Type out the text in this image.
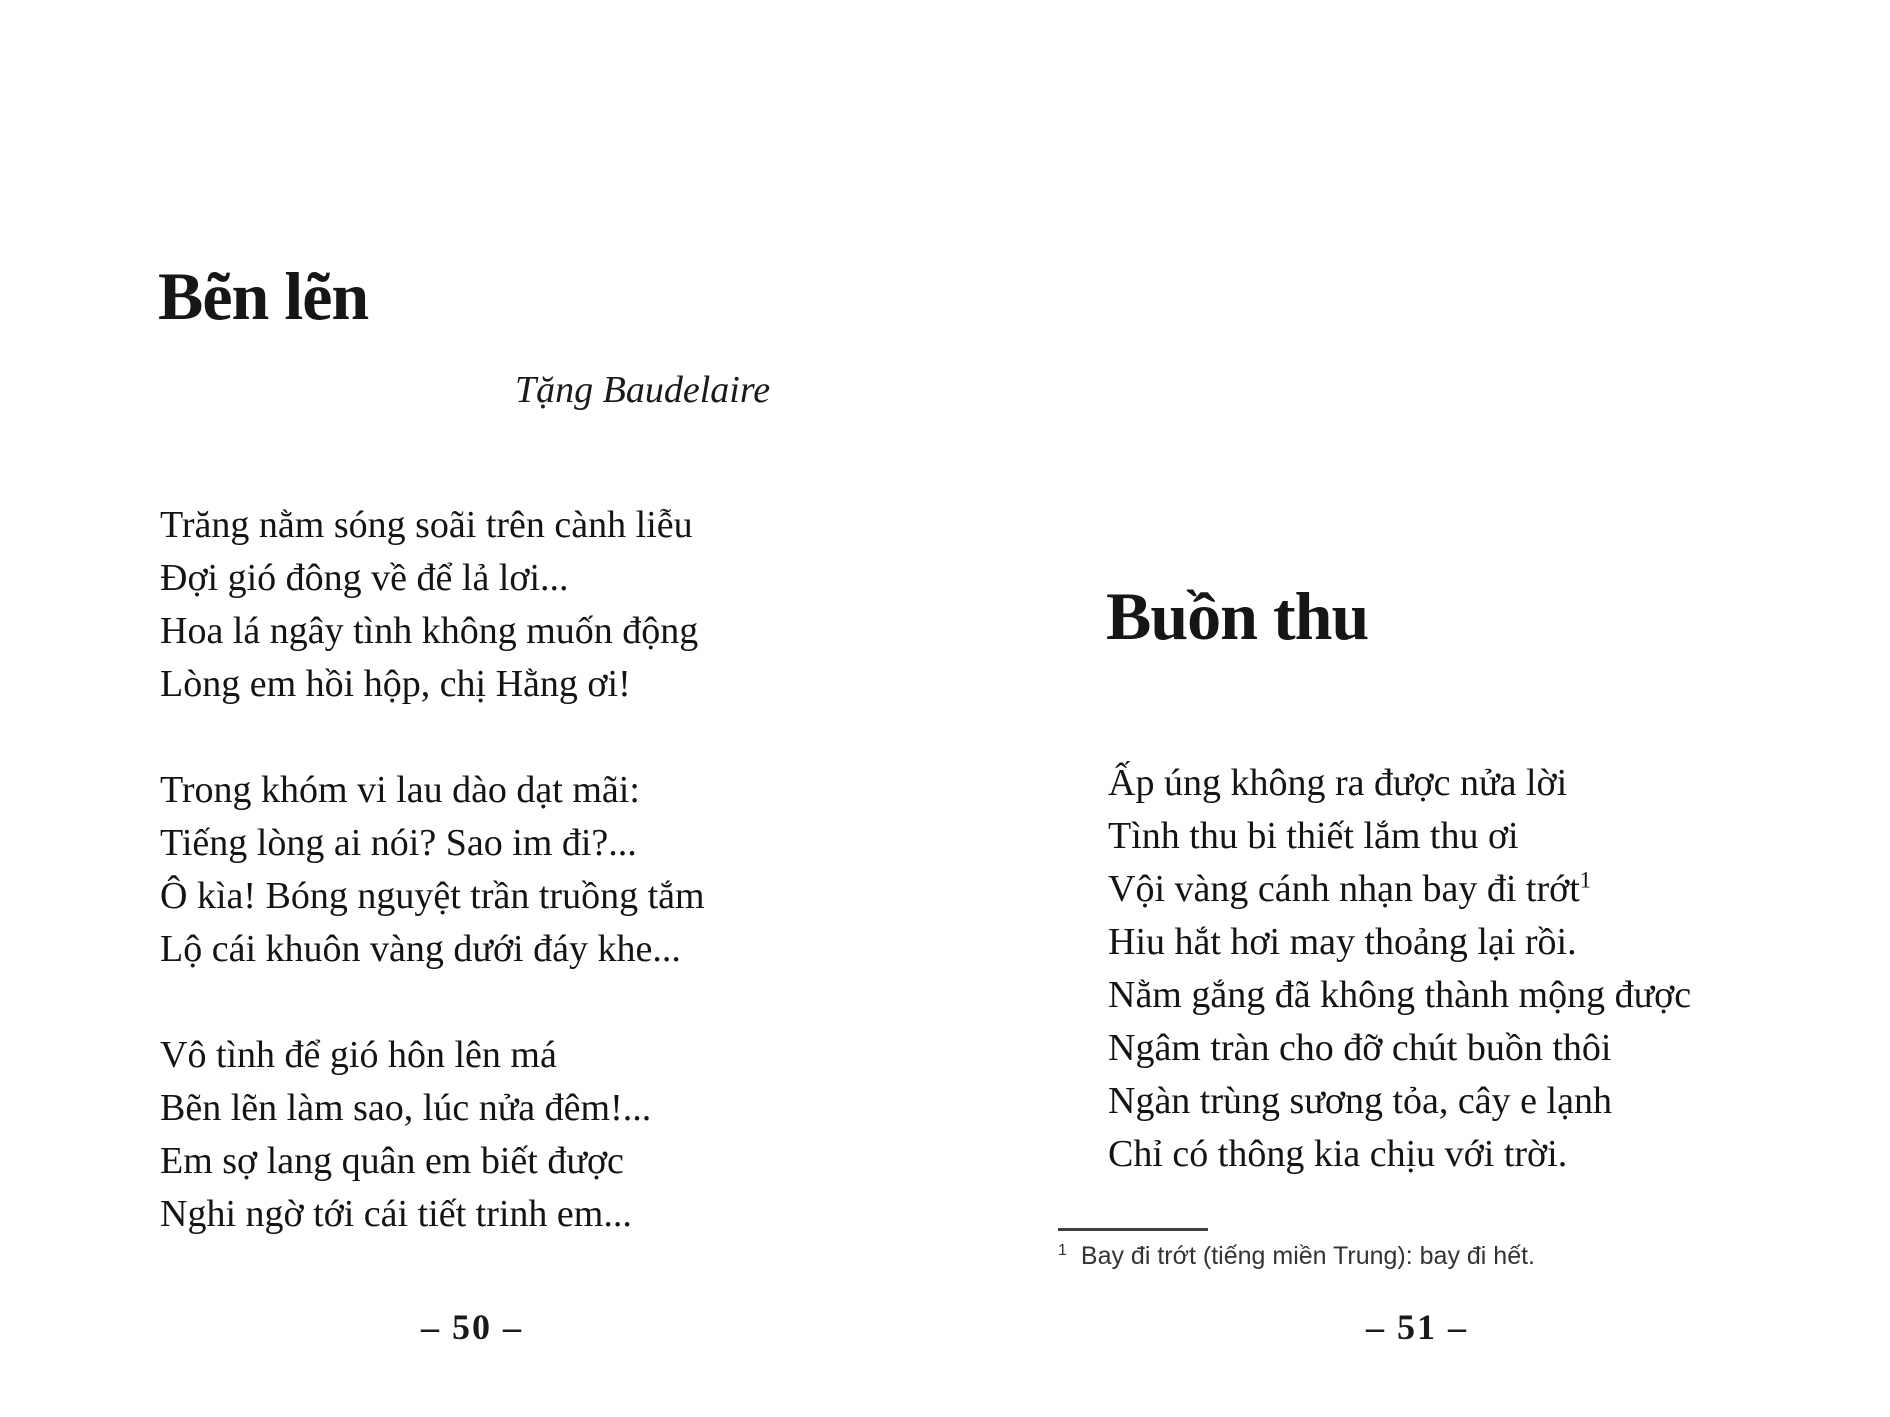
Bẽn lẽn

Tặng Baudelaire

Trăng nằm sóng soãi trên cành liễu
Đợi gió đông về để lả lơi...
Hoa lá ngây tình không muốn động
Lòng em hồi hộp, chị Hằng ơi!
Trong khóm vi lau dào dạt mãi:
Tiếng lòng ai nói? Sao im đi?...
Ô kìa! Bóng nguyệt trần truồng tắm
Lộ cái khuôn vàng dưới đáy khe...
Vô tình để gió hôn lên má
Bẽn lẽn làm sao, lúc nửa đêm!...
Em sợ lang quân em biết được
Nghi ngờ tới cái tiết trinh em...
– 50 –
Buồn thu
Ấp úng không ra được nửa lời
Tình thu bi thiết lắm thu ơi
Vội vàng cánh nhạn bay đi trớt$^1$
Hiu hắt hơi may thoảng lại rồi.
Nằm gắng đã không thành mộng được
Ngâm tràn cho đỡ chút buồn thôi
Ngàn trùng sương tỏa, cây e lạnh
Chỉ có thông kia chịu với trời.

$^1$ Bay đi trớt (tiếng miền Trung): bay đi hết.

– 51 –
